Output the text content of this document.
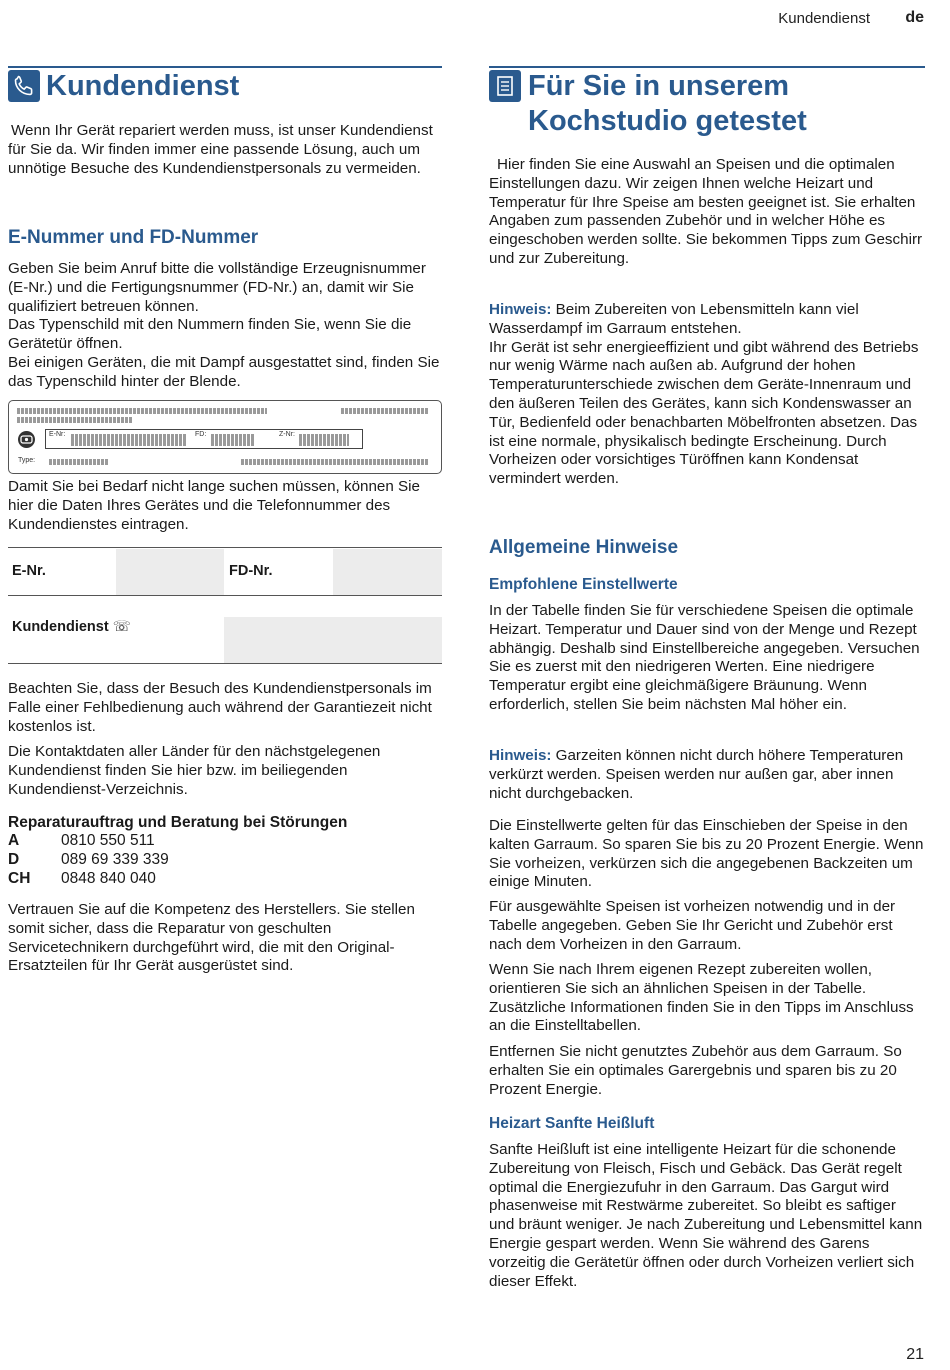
Kundendienst de
Kundendienst

Wenn Ihr Gerät repariert werden muss, ist unser Kundendienst für Sie da. Wir finden immer eine passende Lösung, auch um unnötige Besuche des Kundendienstpersonals zu vermeiden.

E-Nummer und FD-Nummer

Geben Sie beim Anruf bitte die vollständige Erzeugnisnummer (E-Nr.) und die Fertigungsnummer (FD-Nr.) an, damit wir Sie qualifiziert betreuen können.

Das Typenschild mit den Nummern finden Sie, wenn Sie die Gerätetür öffnen.

Bei einigen Geräten, die mit Dampf ausgestattet sind, finden Sie das Typenschild hinter der Blende.

E-Nr:	FD:	Z-Nr:
Type:

Damit Sie bei Bedarf nicht lange suchen müssen, können Sie hier die Daten Ihres Gerätes und die Telefonnummer des Kundendienstes eintragen.

E-Nr.	FD-Nr.
Kundendienst ☏

Beachten Sie, dass der Besuch des Kundendienstpersonals im Falle einer Fehlbedienung auch während der Garantiezeit nicht kostenlos ist.

Die Kontaktdaten aller Länder für den nächstgelegenen Kundendienst finden Sie hier bzw. im beiliegenden Kundendienst-Verzeichnis.

Reparaturauftrag und Beratung bei Störungen
A	0810 550 511
D	089 69 339 339
CH	0848 840 040

Vertrauen Sie auf die Kompetenz des Herstellers. Sie stellen somit sicher, dass die Reparatur von geschulten Servicetechnikern durchgeführt wird, die mit den Original-Ersatzteilen für Ihr Gerät ausgerüstet sind.

Für Sie in unserem
Kochstudio getestet

Hier finden Sie eine Auswahl an Speisen und die optimalen Einstellungen dazu. Wir zeigen Ihnen welche Heizart und Temperatur für Ihre Speise am besten geeignet ist. Sie erhalten Angaben zum passenden Zubehör und in welcher Höhe es eingeschoben werden sollte. Sie bekommen Tipps zum Geschirr und zur Zubereitung.

Hinweis: Beim Zubereiten von Lebensmitteln kann viel Wasserdampf im Garraum entstehen.

Ihr Gerät ist sehr energieeffizient und gibt während des Betriebs nur wenig Wärme nach außen ab. Aufgrund der hohen Temperaturunterschiede zwischen dem Geräte-Innenraum und den äußeren Teilen des Gerätes, kann sich Kondenswasser an Tür, Bedienfeld oder benachbarten Möbelfronten absetzen. Das ist eine normale, physikalisch bedingte Erscheinung. Durch Vorheizen oder vorsichtiges Türöffnen kann Kondensat vermindert werden.

Allgemeine Hinweise
Empfohlene Einstellwerte

In der Tabelle finden Sie für verschiedene Speisen die optimale Heizart. Temperatur und Dauer sind von der Menge und Rezept abhängig. Deshalb sind Einstellbereiche angegeben. Versuchen Sie es zuerst mit den niedrigeren Werten. Eine niedrigere Temperatur ergibt eine gleichmäßigere Bräunung. Wenn erforderlich, stellen Sie beim nächsten Mal höher ein.

Hinweis: Garzeiten können nicht durch höhere Temperaturen verkürzt werden. Speisen werden nur außen gar, aber innen nicht durchgebacken.

Die Einstellwerte gelten für das Einschieben der Speise in den kalten Garraum. So sparen Sie bis zu 20 Prozent Energie. Wenn Sie vorheizen, verkürzen sich die angegebenen Backzeiten um einige Minuten.

Für ausgewählte Speisen ist vorheizen notwendig und in der Tabelle angegeben. Geben Sie Ihr Gericht und Zubehör erst nach dem Vorheizen in den Garraum.

Wenn Sie nach Ihrem eigenen Rezept zubereiten wollen, orientieren Sie sich an ähnlichen Speisen in der Tabelle. Zusätzliche Informationen finden Sie in den Tipps im Anschluss an die Einstelltabellen.

Entfernen Sie nicht genutztes Zubehör aus dem Garraum. So erhalten Sie ein optimales Garergebnis und sparen bis zu 20 Prozent Energie.

Heizart Sanfte Heißluft

Sanfte Heißluft ist eine intelligente Heizart für die schonende Zubereitung von Fleisch, Fisch und Gebäck. Das Gerät regelt optimal die Energiezufuhr in den Garraum. Das Gargut wird phasenweise mit Restwärme zubereitet. So bleibt es saftiger und bräunt weniger. Je nach Zubereitung und Lebensmittel kann Energie gespart werden. Wenn Sie während des Garens vorzeitig die Gerätetür öffnen oder durch Vorheizen verliert sich dieser Effekt.

21
